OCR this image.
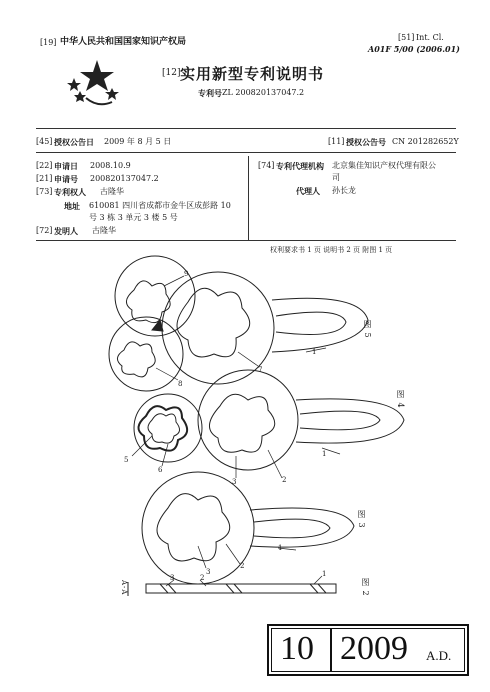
[19] 中华人民共和国国家知识产权局	[51] Int. Cl.
A01F 5/00 (2006.01)
[12] 实用新型专利说明书
专利号 ZL 200820137047.2
[45] 授权公告日 2009 年 8 月 5 日	[11] 授权公告号 CN 201282652Y
[22] 申请日 2008.10.9
[21] 申请号 200820137047.2
[73] 专利权人 古隆华
地址 610081 四川省成都市金牛区成彭路 10
号 3 栋 3 单元 3 楼 5 号
[72] 发明人 古隆华
[74] 专利代理机构 北京集佳知识产权代理有限公
司
代理人 孙长龙
权利要求书 1 页 说明书 2 页 附图 1 页
图 5
图 4
图 3
图 2
A-A
9
7
8
1
5
6
3	2
1
3
2
1
3	2	1
10 2009 A.D.
